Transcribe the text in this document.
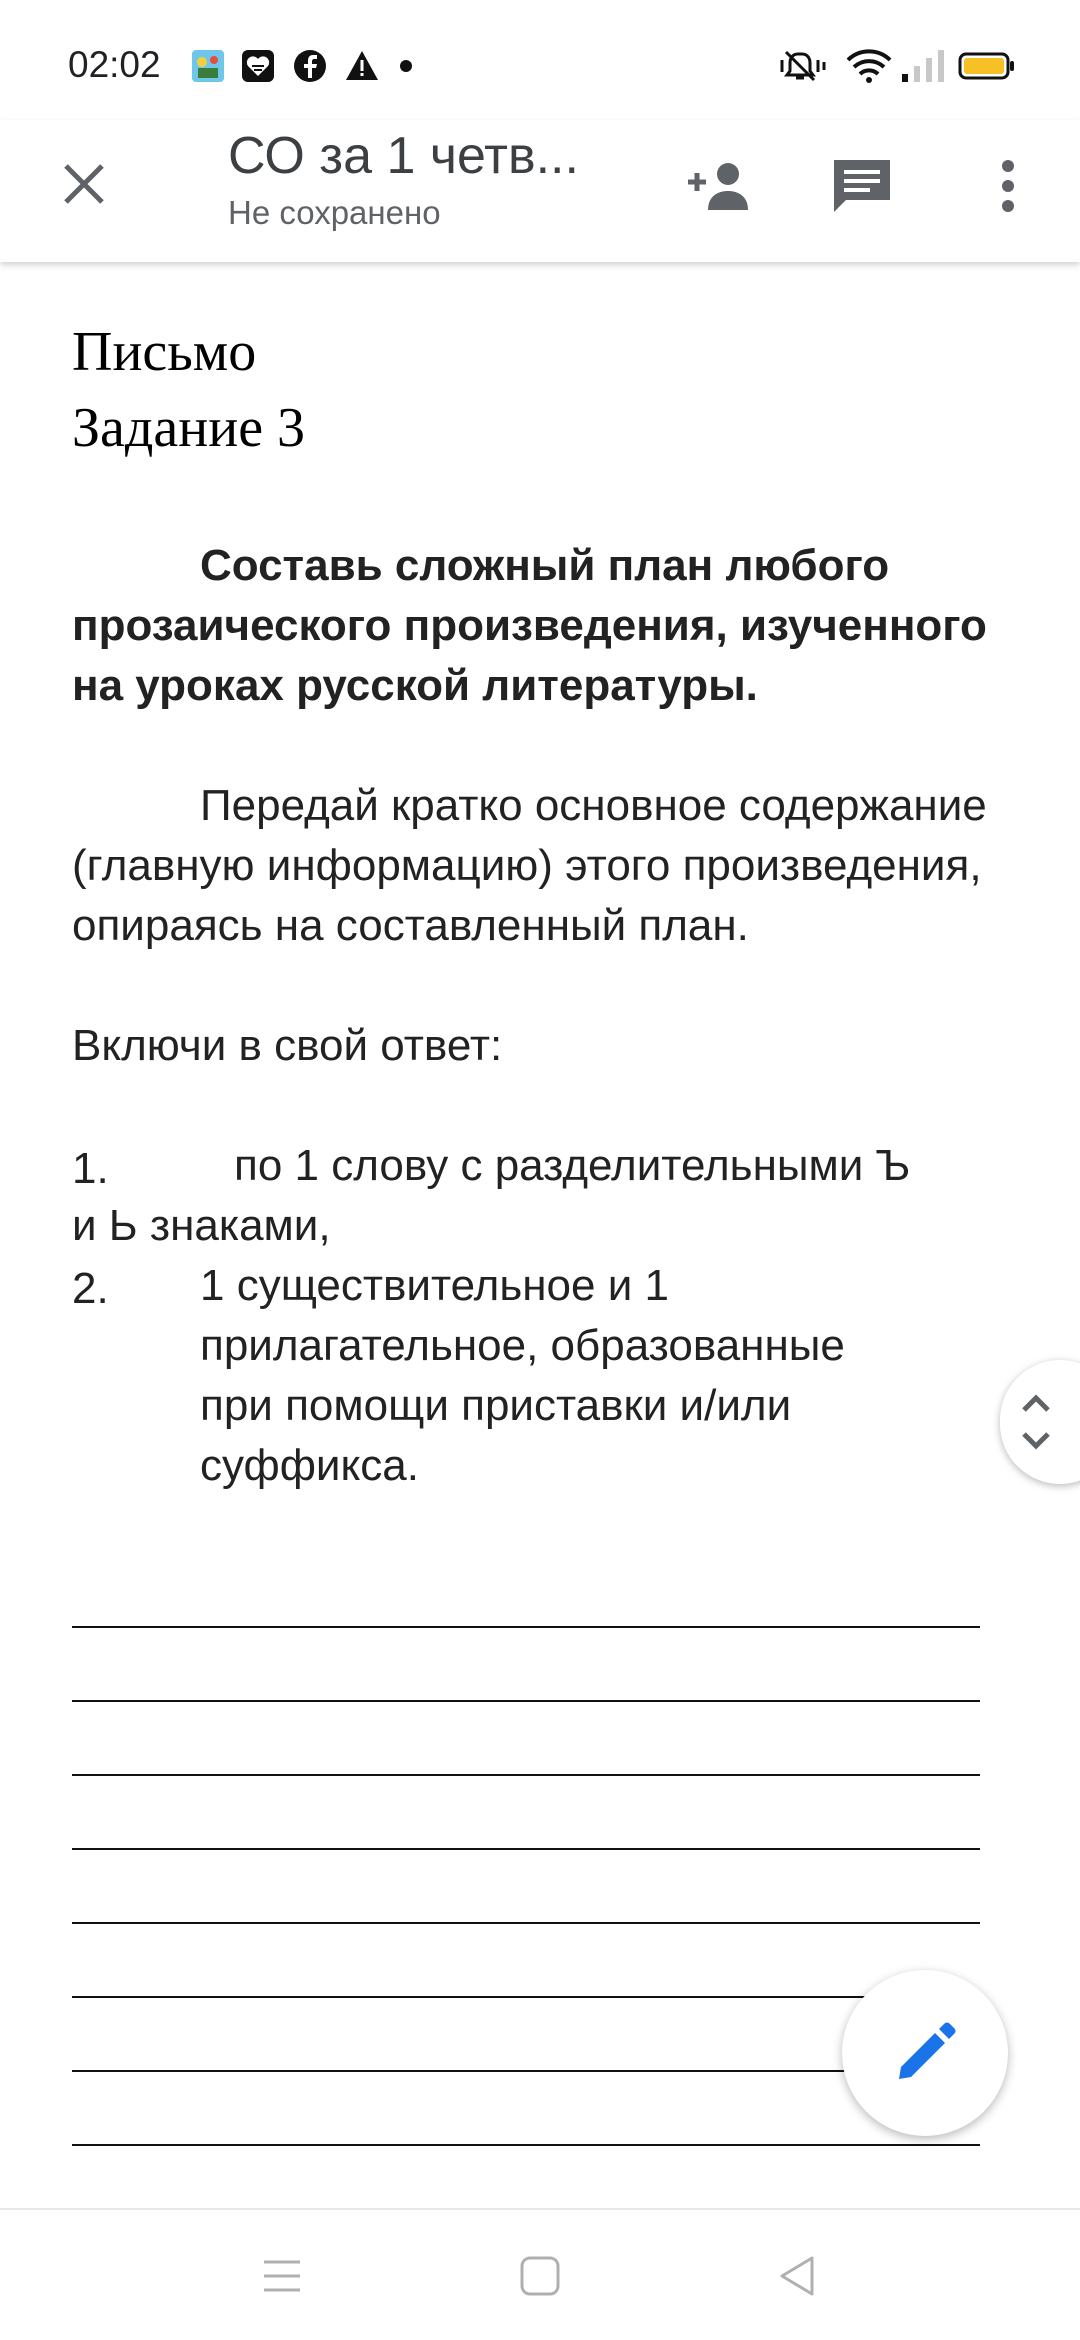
02:02
СО за 1 четв...
Не сохранено
Письмо
Задание 3
Составь сложный план любого прозаического произведения, изученного на уроках русской литературы.
Передай кратко основное содержание (главную информацию) этого произведения, опираясь на составленный план.
Включи в свой ответ:
1.	по 1 слову с разделительными Ъ
и Ь знаками,
2. 1 существительное и 1
прилагательное, образованные
при помощи приставки и/или
суффикса.
